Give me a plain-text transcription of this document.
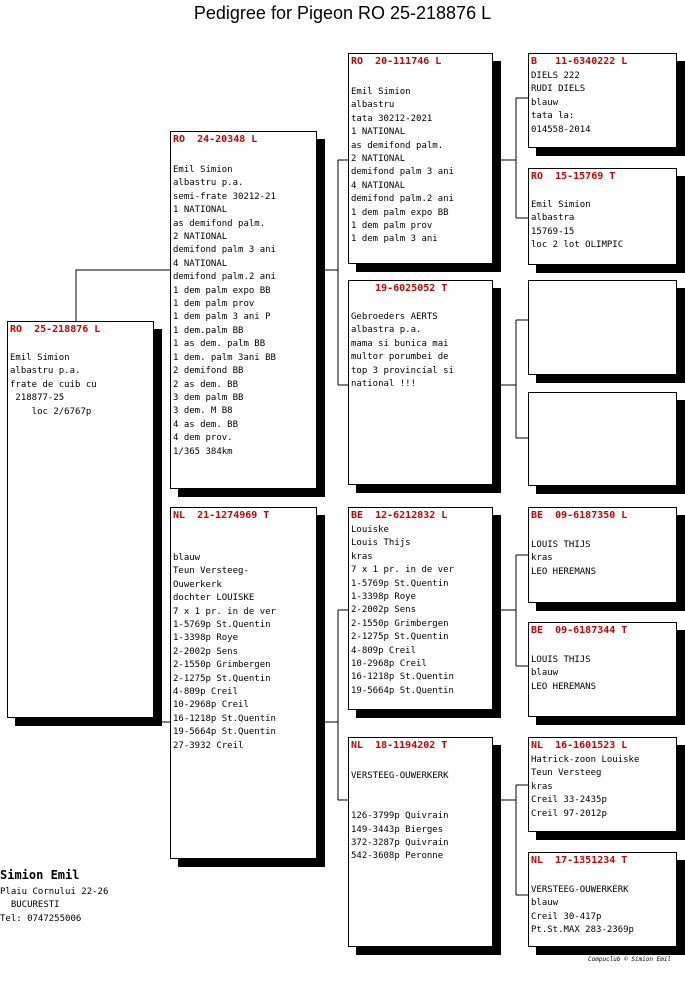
Pedigree for Pigeon RO 25-218876 L
RO  25-218876 L
Emil Simion
albastru p.a.
frate de cuib cu
218877-25
loc 2/6767p
RO  24-20348 L
Emil Simion
albastru p.a.
semi-frate 30212-21
1 NATIONAL
as demifond palm.
2 NATIONAL
demifond palm 3 ani
4 NATIONAL
demifond palm.2 ani
1 dem palm expo BB
1 dem palm prov
1 dem palm 3 ani P
1 dem.palm BB
1 as dem. palm BB
1 dem. palm 3ani BB
2 demifond BB
2 as dem. BB
3 dem palm BB
3 dem. M B8
4 as dem. BB
4 dem prov.
1/365 384km
NL  21-1274969 T
blauw
Teun Versteeg-
Ouwerkerk
dochter LOUISKE
7 x 1 pr. in de ver
1-5769p St.Quentin
1-3398p Roye
2-2002p Sens
2-1550p Grimbergen
2-1275p St.Quentin
4-809p Creil
10-2968p Creil
16-1218p St.Quentin
19-5664p St.Quentin
27-3932 Creil
RO  20-111746 L
Emil Simion
albastru
tata 30212-2021
1 NATIONAL
as demifond palm.
2 NATIONAL
demifond palm 3 ani
4 NATIONAL
demifond palm.2 ani
1 dem palm expo BB
1 dem palm prov
1 dem palm 3 ani
19-6025052 T
Gebroeders AERTS
albastra p.a.
mama si bunica mai
multor porumbei de
top 3 provincial si
national !!!
BE  12-6212832 L
Louiske
Louis Thijs
kras
7 x 1 pr. in de ver
1-5769p St.Quentin
1-3398p Roye
2-2002p Sens
2-1550p Grimbergen
2-1275p St.Quentin
4-809p Creil
10-2968p Creil
16-1218p St.Quentin
19-5664p St.Quentin
NL  18-1194202 T
VERSTEEG-OUWERKERK

126-3799p Quivrain
149-3443p Bierges
372-3287p Quivrain
542-3608p Peronne
B   11-6340222 L
DIELS 222
RUDI DIELS
blauw
tata la:
014558-2014
RO  15-15769 T
Emil Simion
albastra
15769-15
loc 2 lot OLIMPIC
BE  09-6187350 L
LOUIS THIJS
kras
LEO HEREMANS
BE  09-6187344 T
LOUIS THIJS
blauw
LEO HEREMANS
NL  16-1601523 L
Hatrick-zoon Louiske
Teun Versteeg
kras
Creil 33-2435p
Creil 97-2012p
NL  17-1351234 T
VERSTEEG-OUWERKERK
blauw
Creil 30-417p
Pt.St.MAX 283-2369p
Simion Emil
Plaiu Cornului 22-26
BUCURESTI
Tel: 0747255006
Compuclub © Simion Emil
